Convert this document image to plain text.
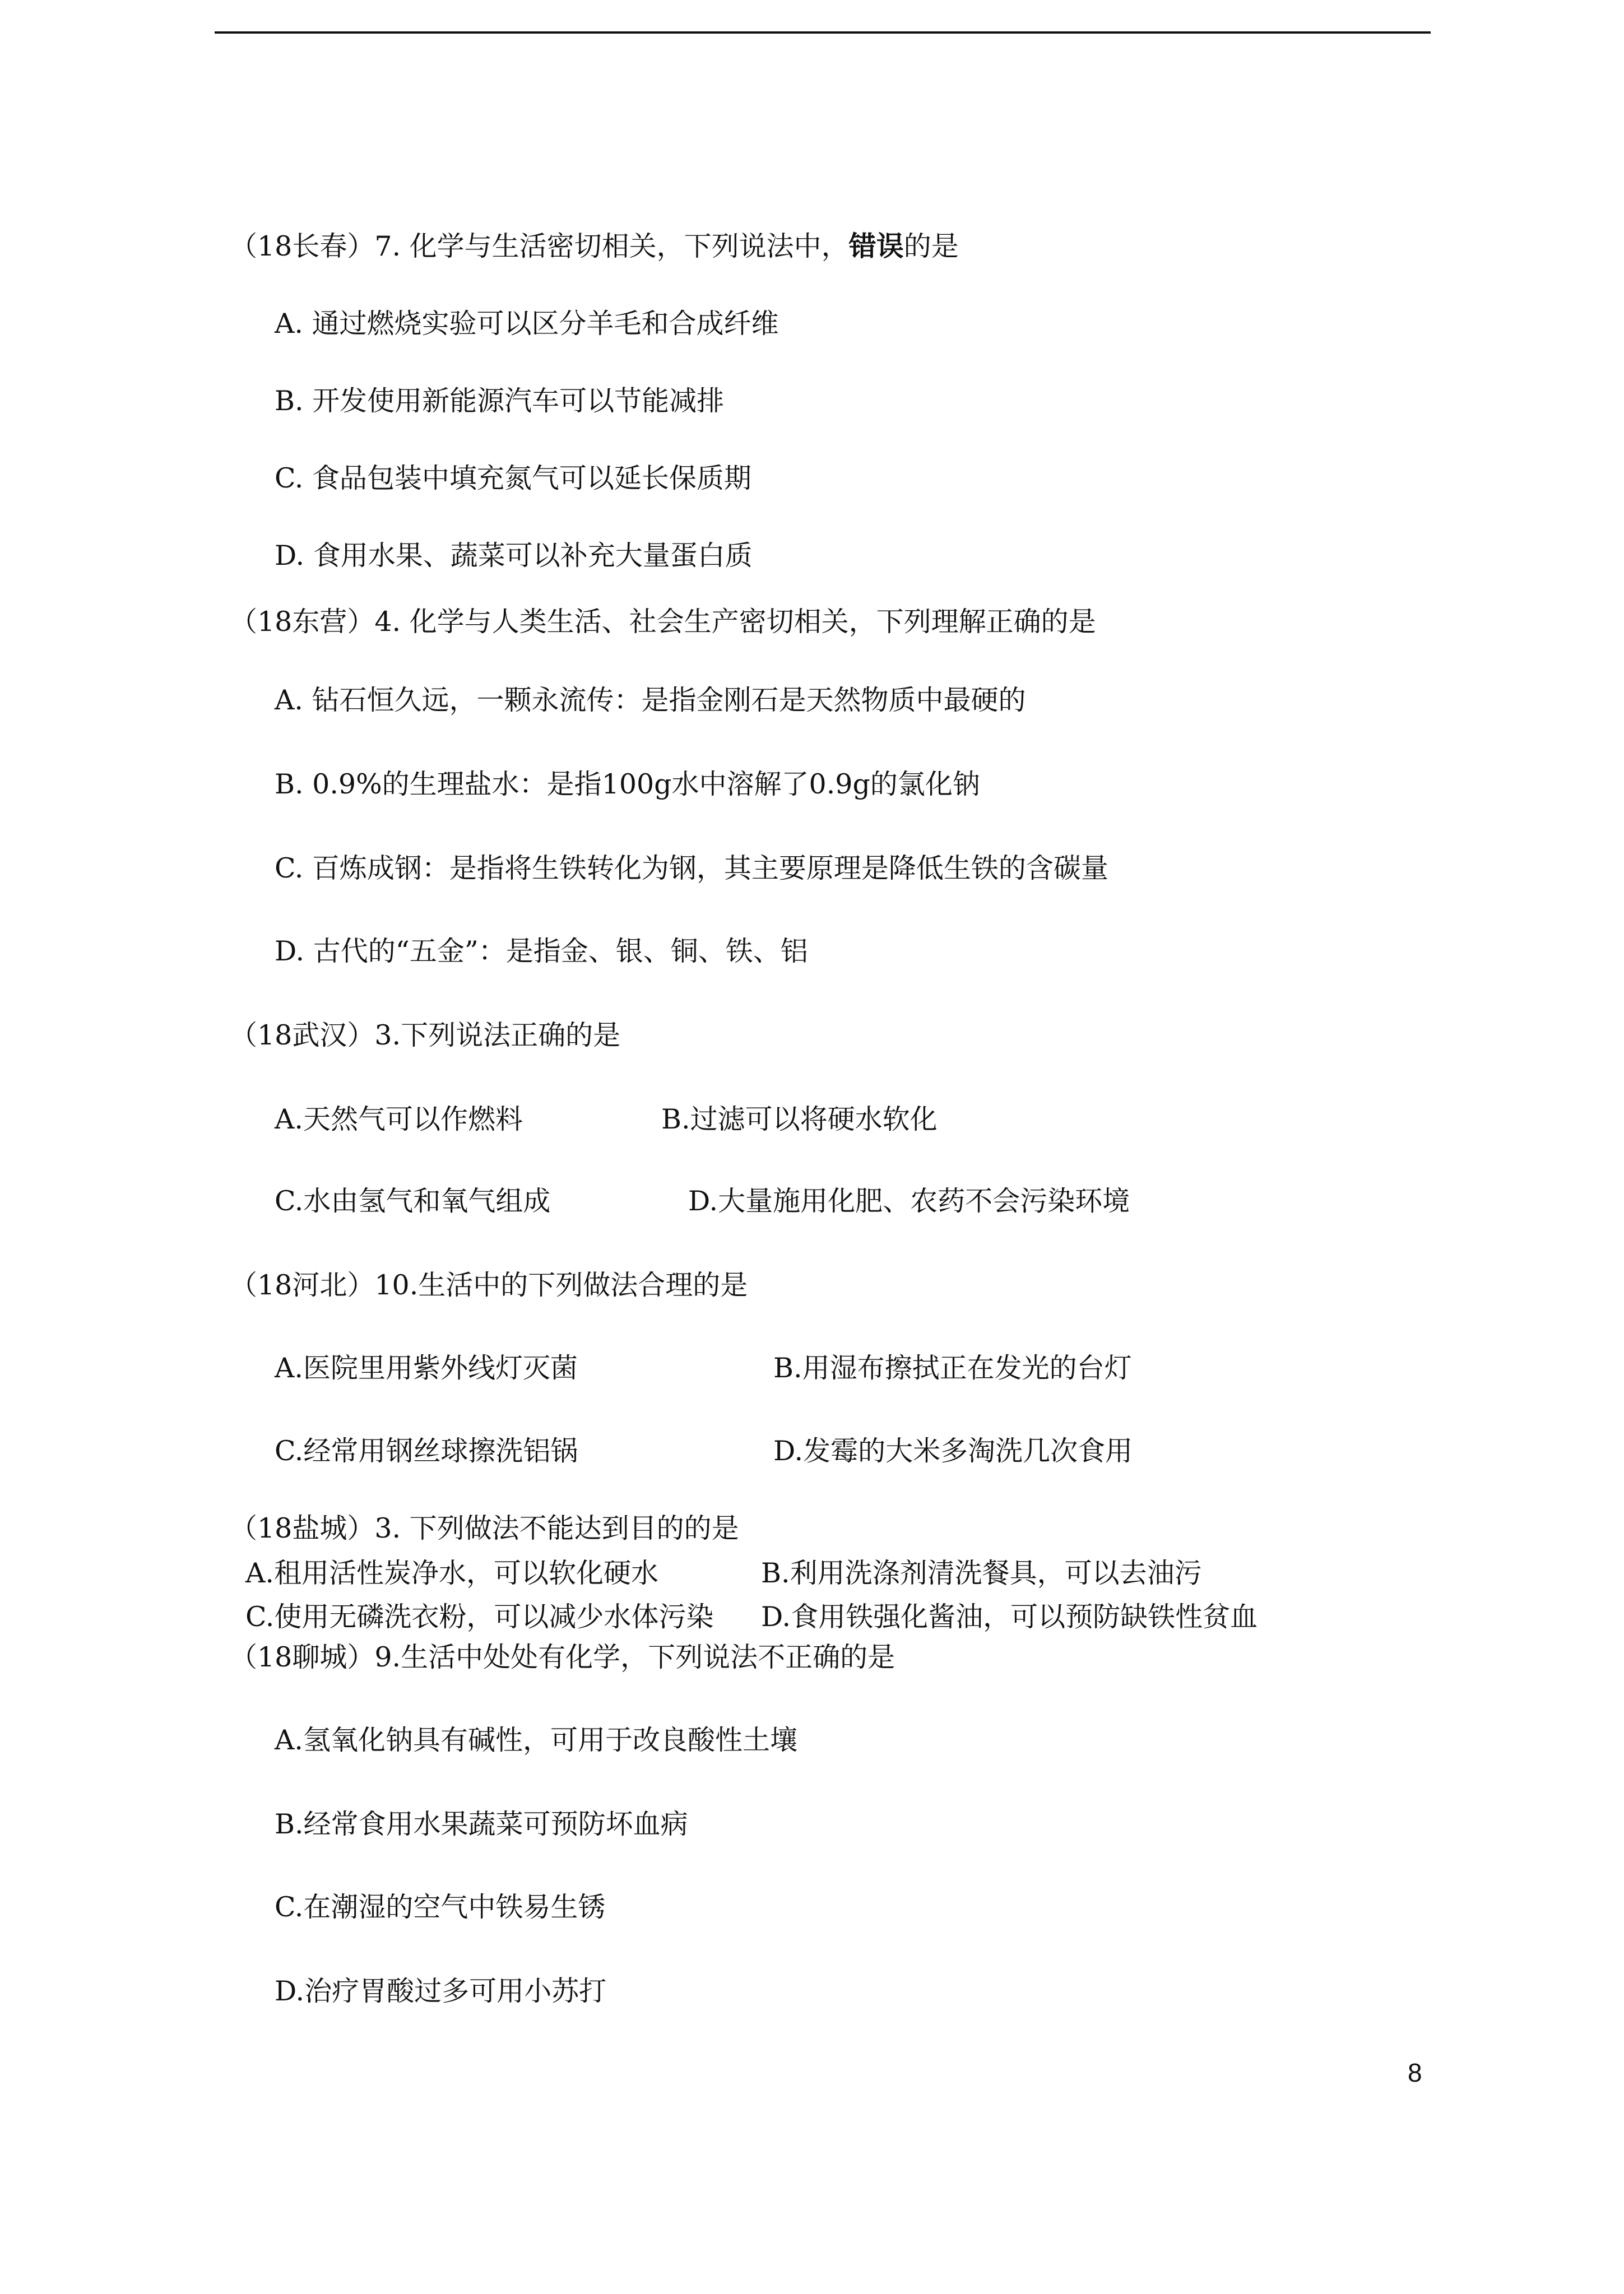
（18长春）7. 化学与生活密切相关，下列说法中，错误的是
A. 通过燃烧实验可以区分羊毛和合成纤维
B. 开发使用新能源汽车可以节能减排
C. 食品包装中填充氮气可以延长保质期
D. 食用水果、蔬菜可以补充大量蛋白质
（18东营）4. 化学与人类生活、社会生产密切相关，下列理解正确的是
A. 钻石恒久远，一颗永流传：是指金刚石是天然物质中最硬的
B. 0.9%的生理盐水：是指100g水中溶解了0.9g的氯化钠
C. 百炼成钢：是指将生铁转化为钢，其主要原理是降低生铁的含碳量
D. 古代的“五金”：是指金、银、铜、铁、铝
（18武汉）3.下列说法正确的是
A.天然气可以作燃料	B.过滤可以将硬水软化
C.水由氢气和氧气组成	D.大量施用化肥、农药不会污染环境
（18河北）10.生活中的下列做法合理的是
A.医院里用紫外线灯灭菌	B.用湿布擦拭正在发光的台灯
C.经常用钢丝球擦洗铝锅	D.发霉的大米多淘洗几次食用
（18盐城）3. 下列做法不能达到目的的是
A.租用活性炭净水，可以软化硬水	B.利用洗涤剂清洗餐具，可以去油污
C.使用无磷洗衣粉，可以减少水体污染 D.食用铁强化酱油，可以预防缺铁性贫血
（18聊城）9.生活中处处有化学，下列说法不正确的是
A.氢氧化钠具有碱性，可用于改良酸性土壤
B.经常食用水果蔬菜可预防坏血病
C.在潮湿的空气中铁易生锈
D.治疗胃酸过多可用小苏打
8
